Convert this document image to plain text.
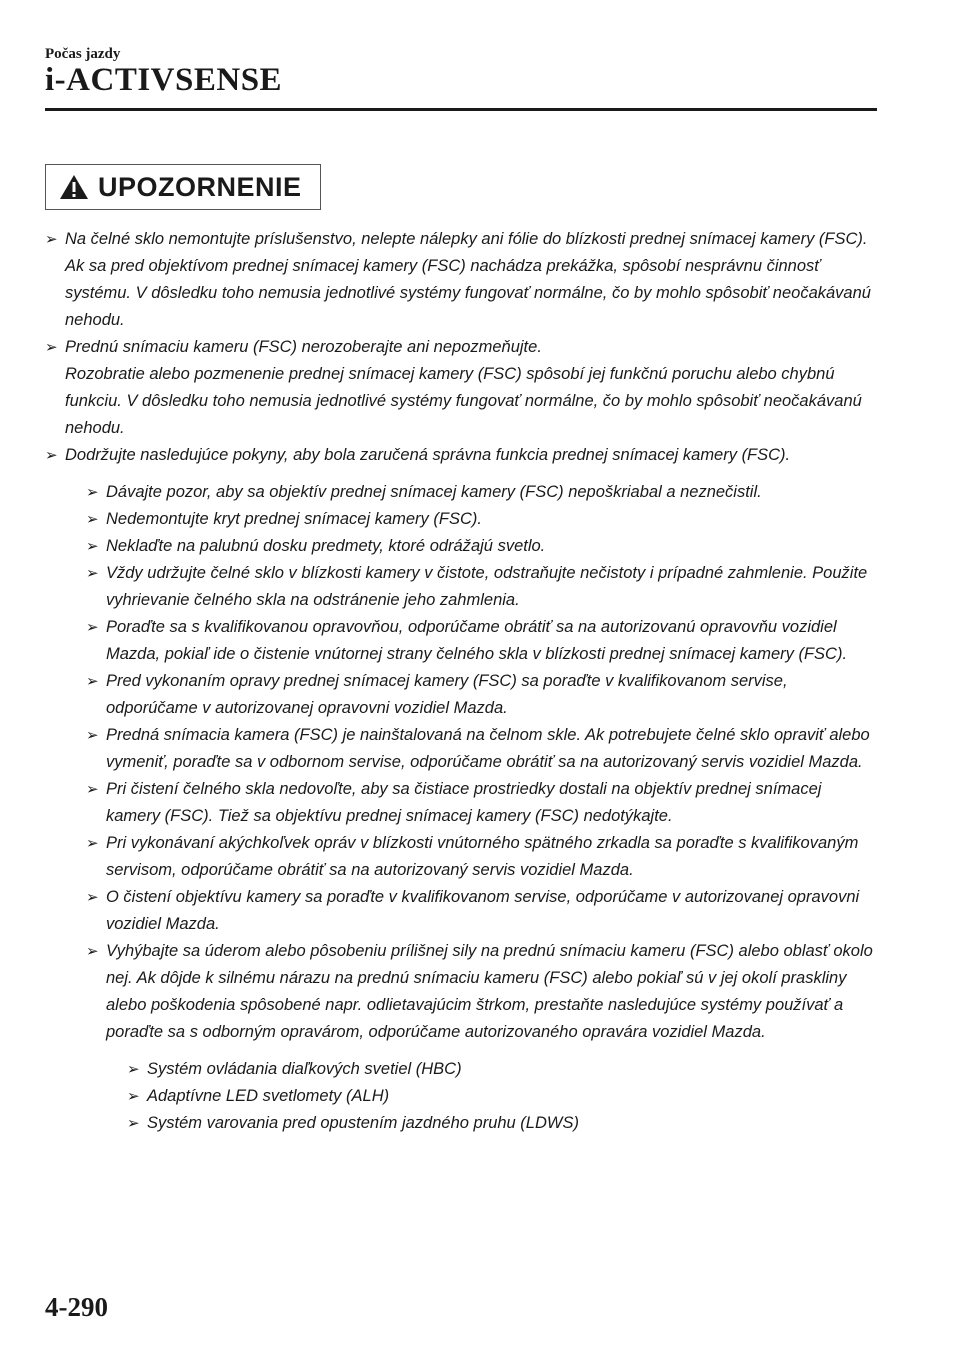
Počas jazdy
i-ACTIVSENSE
UPOZORNENIE
➢ Na čelné sklo nemontujte príslušenstvo, nelepte nálepky ani fólie do blízkosti prednej snímacej kamery (FSC).

Ak sa pred objektívom prednej snímacej kamery (FSC) nachádza prekážka, spôsobí nesprávnu činnosť systému. V dôsledku toho nemusia jednotlivé systémy fungovať normálne, čo by mohlo spôsobiť neočakávanú nehodu.

➢ Prednú snímaciu kameru (FSC) nerozoberajte ani nepozmeňujte.

Rozobratie alebo pozmenenie prednej snímacej kamery (FSC) spôsobí jej funkčnú poruchu alebo chybnú funkciu. V dôsledku toho nemusia jednotlivé systémy fungovať normálne, čo by mohlo spôsobiť neočakávanú nehodu.

➢ Dodržujte nasledujúce pokyny, aby bola zaručená správna funkcia prednej snímacej kamery (FSC).

➢ Dávajte pozor, aby sa objektív prednej snímacej kamery (FSC) nepoškriabal a neznečistil.

➢ Nedemontujte kryt prednej snímacej kamery (FSC).

➢ Neklaďte na palubnú dosku predmety, ktoré odrážajú svetlo.

➢ Vždy udržujte čelné sklo v blízkosti kamery v čistote, odstraňujte nečistoty i prípadné zahmlenie. Použite vyhrievanie čelného skla na odstránenie jeho zahmlenia.

➢ Poraďte sa s kvalifikovanou opravovňou, odporúčame obrátiť sa na autorizovanú opravovňu vozidiel Mazda, pokiaľ ide o čistenie vnútornej strany čelného skla v blízkosti prednej snímacej kamery (FSC).

➢ Pred vykonaním opravy prednej snímacej kamery (FSC) sa poraďte v kvalifikovanom servise, odporúčame v autorizovanej opravovni vozidiel Mazda.

➢ Predná snímacia kamera (FSC) je nainštalovaná na čelnom skle. Ak potrebujete čelné sklo opraviť alebo vymeniť, poraďte sa v odbornom servise, odporúčame obrátiť sa na autorizovaný servis vozidiel Mazda.

➢ Pri čistení čelného skla nedovoľte, aby sa čistiace prostriedky dostali na objektív prednej snímacej kamery (FSC). Tiež sa objektívu prednej snímacej kamery (FSC) nedotýkajte.

➢ Pri vykonávaní akýchkoľvek opráv v blízkosti vnútorného spätného zrkadla sa poraďte s kvalifikovaným servisom, odporúčame obrátiť sa na autorizovaný servis vozidiel Mazda.

➢ O čistení objektívu kamery sa poraďte v kvalifikovanom servise, odporúčame v autorizovanej opravovni vozidiel Mazda.

➢ Vyhýbajte sa úderom alebo pôsobeniu prílišnej sily na prednú snímaciu kameru (FSC) alebo oblasť okolo nej. Ak dôjde k silnému nárazu na prednú snímaciu kameru (FSC) alebo pokiaľ sú v jej okolí praskliny alebo poškodenia spôsobené napr. odlietavajúcim štrkom, prestaňte nasledujúce systémy používať a poraďte sa s odborným opravárom, odporúčame autorizovaného opravára vozidiel Mazda.

➢ Systém ovládania diaľkových svetiel (HBC)

➢ Adaptívne LED svetlomety (ALH)

➢ Systém varovania pred opustením jazdného pruhu (LDWS)

4-290
